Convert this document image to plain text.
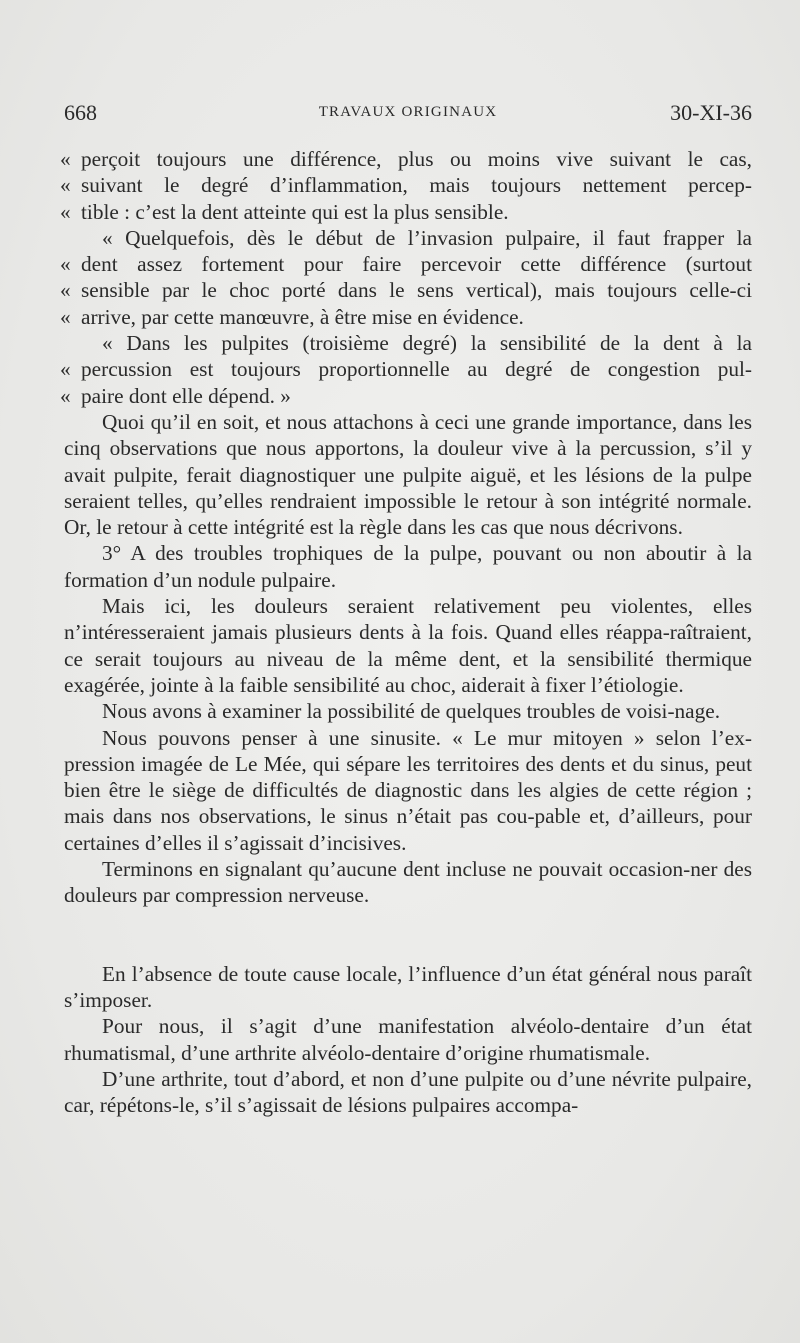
668	TRAVAUX ORIGINAUX	30-XI-36
« perçoit toujours une différence, plus ou moins vive suivant le cas,
« suivant le degré d’inflammation, mais toujours nettement percep-
« tible : c’est la dent atteinte qui est la plus sensible.
« Quelquefois, dès le début de l’invasion pulpaire, il faut frapper la
« dent assez fortement pour faire percevoir cette différence (surtout
« sensible par le choc porté dans le sens vertical), mais toujours celle-ci
« arrive, par cette manœuvre, à être mise en évidence.
« Dans les pulpites (troisième degré) la sensibilité de la dent à la
« percussion est toujours proportionnelle au degré de congestion pul-
« paire dont elle dépend. »

Quoi qu’il en soit, et nous attachons à ceci une grande importance, dans les cinq observations que nous apportons, la douleur vive à la percussion, s’il y avait pulpite, ferait diagnostiquer une pulpite aiguë, et les lésions de la pulpe seraient telles, qu’elles rendraient impossible le retour à son intégrité normale. Or, le retour à cette intégrité est la règle dans les cas que nous décrivons.

3° A des troubles trophiques de la pulpe, pouvant ou non aboutir à la formation d’un nodule pulpaire.

Mais ici, les douleurs seraient relativement peu violentes, elles n’intéresseraient jamais plusieurs dents à la fois. Quand elles réappa-raîtraient, ce serait toujours au niveau de la même dent, et la sensibilité thermique exagérée, jointe à la faible sensibilité au choc, aiderait à fixer l’étiologie.

Nous avons à examiner la possibilité de quelques troubles de voisi-nage.

Nous pouvons penser à une sinusite. « Le mur mitoyen » selon l’ex-pression imagée de Le Mée, qui sépare les territoires des dents et du sinus, peut bien être le siège de difficultés de diagnostic dans les algies de cette région ; mais dans nos observations, le sinus n’était pas cou-pable et, d’ailleurs, pour certaines d’elles il s’agissait d’incisives.

Terminons en signalant qu’aucune dent incluse ne pouvait occasion-ner des douleurs par compression nerveuse.

En l’absence de toute cause locale, l’influence d’un état général nous paraît s’imposer.

Pour nous, il s’agit d’une manifestation alvéolo-dentaire d’un état rhumatismal, d’une arthrite alvéolo-dentaire d’origine rhumatismale.

D’une arthrite, tout d’abord, et non d’une pulpite ou d’une névrite pulpaire, car, répétons-le, s’il s’agissait de lésions pulpaires accompa-
